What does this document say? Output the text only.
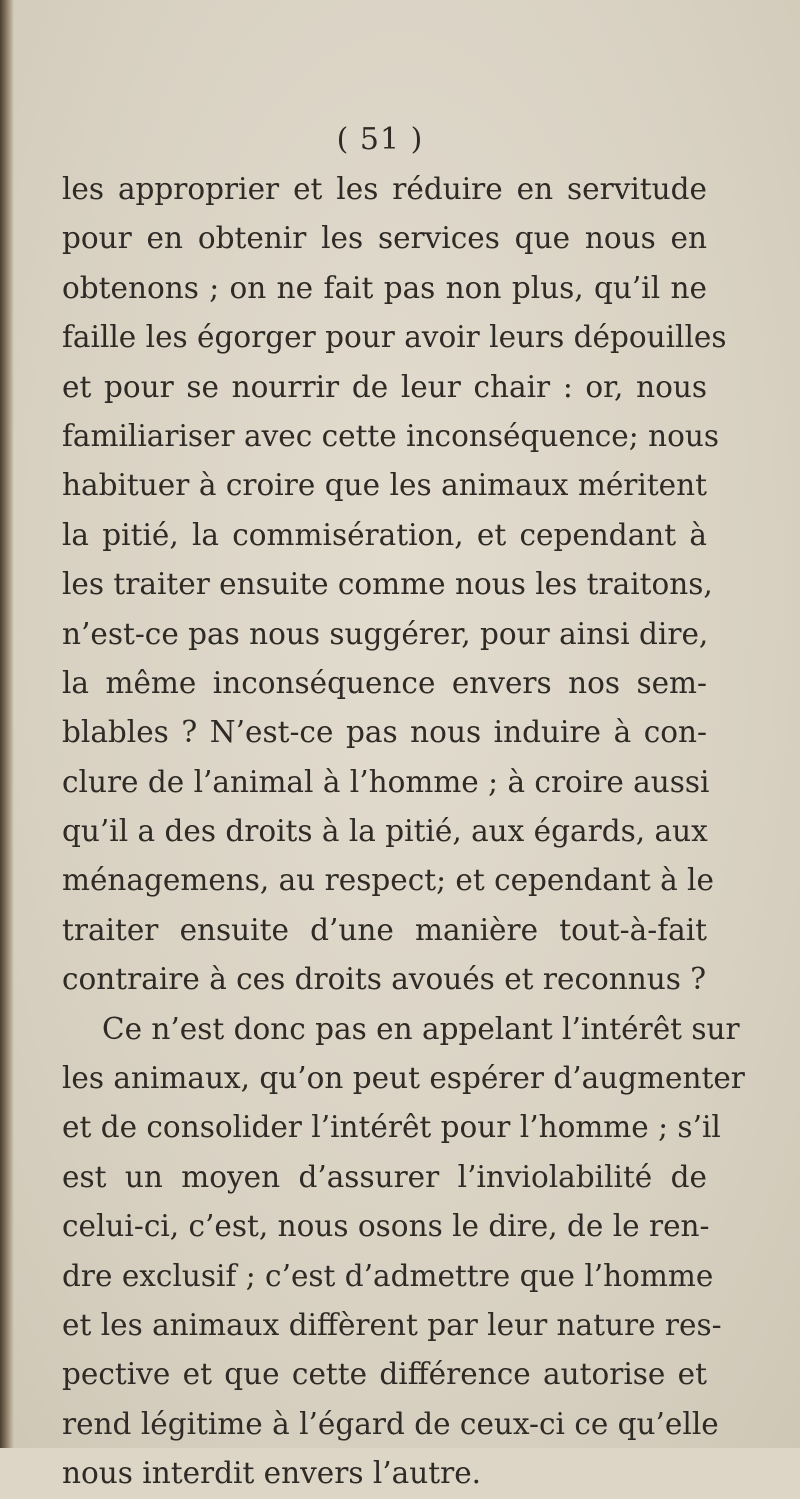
( 51 )
les approprier et les réduire en servitude
pour en obtenir les services que nous en
obtenons ; on ne fait pas non plus, qu’il ne
faille les égorger pour avoir leurs dépouilles
et pour se nourrir de leur chair : or, nous
familiariser avec cette inconséquence; nous
habituer à croire que les animaux méritent
la pitié, la commisération, et cependant à
les traiter ensuite comme nous les traitons,
n’est-ce pas nous suggérer, pour ainsi dire,
la même inconséquence envers nos sem-
blables ? N’est-ce pas nous induire à con-
clure de l’animal à l’homme ; à croire aussi
qu’il a des droits à la pitié, aux égards, aux
ménagemens, au respect; et cependant à le
traiter ensuite d’une manière tout-à-fait
contraire à ces droits avoués et reconnus ?
Ce n’est donc pas en appelant l’intérêt sur
les animaux, qu’on peut espérer d’augmenter
et de consolider l’intérêt pour l’homme ; s’il
est un moyen d’assurer l’inviolabilité de
celui-ci, c’est, nous osons le dire, de le ren-
dre exclusif ; c’est d’admettre que l’homme
et les animaux diffèrent par leur nature res-
pective et que cette différence autorise et
rend légitime à l’égard de ceux-ci ce qu’elle
nous interdit envers l’autre.
